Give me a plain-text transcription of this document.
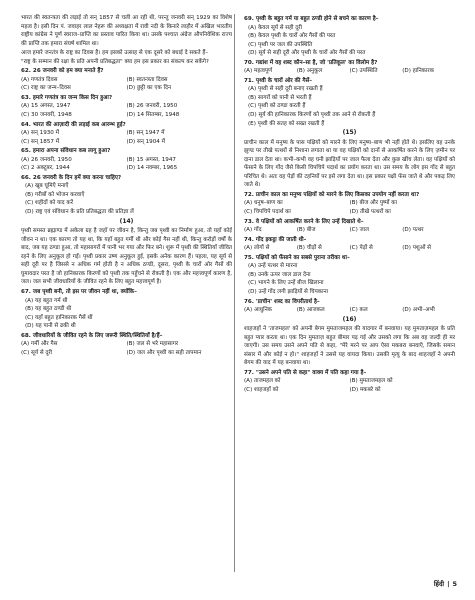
भारत की स्वतन्त्रता की लड़ाई तो सन् 1857 से चली आ रही थी, परन्तु जनवरी सन् 1929 का विशेष महत्व है। इसी दिन पं. जवाहर लाल नेहरू की अध्यक्षता में रावी नदी के किनारे लाहौर में अखिल भारतीय राष्ट्रीय कांग्रेस ने पूर्ण स्वराज–प्राप्ति का प्रस्ताव पारित किया था। उसके पश्चात अंग्रेज औपनिवेशिक राज्य की प्राप्ति तक हमारा संघर्ष शामिल था।
आज हमारे जनतंत्र के राष्ट्र का दिवस है। हम इसको उत्साह से एक दूसरे को बधाई दे सकते हैं–
"राष्ट्र के सम्मान की रक्षा के प्रति अपनी प्रतिबद्धता" क्या हम इस प्रकार का संकल्प कर सकेंगे?
62. 26 जनवरी को हम क्या मनाते हैं?
(A) गणतंत्र दिवस	(B) स्वतन्त्रता दिवस
(C) राष्ट्र का जन्म–दिवस	(D) छुट्टी का एक दिन
63. हमारे गणतंत्र का जन्म किस दिन हुआ?
(A) 15 अगस्त, 1947	(B) 26 जनवरी, 1950
(C) 30 जनवरी, 1948	(D) 14 सितम्बर, 1948
64. भारत की आज़ादी की लड़ाई कब आरम्भ हुई?
(A) सन् 1930 में	(B) सन् 1947 में
(C) सन् 1857 में	(D) सन् 1904 में
65. हमारा अपना संविधान कब लागू हुआ?
(A) 26 जनवरी, 1950	(B) 15 अगस्त, 1947
(C) 2 अक्टूबर, 1944	(D) 14 नवम्बर, 1965
66. 26 जनवरी के दिन हमें क्या करना चाहिए?
(A) खूब घूमिएँ मनाएँ
(B) गरीबों को भोजन करवाएँ
(C) शहीदों को याद करें
(D) राष्ट्र एवं संविधान के प्रति प्रतिबद्धता की प्रतिज्ञा लें
(14)
पृथ्वी समस्त ब्रह्माण्ड में अकेला ग्रह है जहाँ पर जीवन है, किन्तु जब पृथ्वी का निर्माण हुआ, तो यहाँ कोई जीवन न था। एक कारण तो यह था, कि यहाँ बहुत गर्मी थी और कोई गैस नहीं थी, किन्तु करोड़ों वर्षों के बाद, जब यह ठण्डा हुआ, तो महासागरों में पानी भर गया और फिर बने। शुरू में पृथ्वी की स्थितियाँ जीवित रहने के लिए अनुकूल हो गईं। पृथ्वी प्रकार उष्ण अनुकूल हुई, इसके अनेक कारण हैं। पहला, यह सूर्य से सही दूरी पर है जिससे न अधिक गर्म होती है न अधिक ठण्डी, दूसरा, पृथ्वी के चारों ओर गैसों की घुमावदार परत है जो हानिकारक किरणों को पृथ्वी तक पहुँचने से रोकती है। एक और महत्त्वपूर्ण कारण है, जल। जल सभी जीवधारियों के जीवित रहने के लिए बहुत महत्त्वपूर्ण है।
67. जब पृथ्वी बनी, तो इस पर जीवन नहीं था, क्योंकि–
(A) यह बहुत गर्म थी
(B) यह बहुत ठण्डी थी
(C) यहाँ बहुत हानिकारक गैसें थीं
(D) यह पानी से ढकी थी
68. जीवधारियों के जीवित रहने के लिए जरूरी स्थिति/स्थितियाँ है/हैं–
(A) गर्मी और गैस	(B) जल से भरे महासागर
(C) सूर्य से दूरी	(D) जल और पृथ्वी का सही तापमान
69. पृथ्वी के बहुत गर्म या बहुत ठण्डी होने से बचने का कारण है–
(A) केवल सूर्य से सही दूरी
(B) केवल पृथ्वी के चारों ओर गैसों की परत
(C) पृथ्वी पर जल की उपस्थिति
(D) सूर्य से सही दूरी और पृथ्वी के चारों ओर गैसों की परत
70. गद्यांश में वह शब्द कौन–सा है, जो 'प्रतिकूल' का विलोम है?
(A) महत्वपूर्ण	(B) अनुकूल	(C) उपस्थिति	(D) हानिकारक
71. पृथ्वी के चारों ओर की गैसें–
(A) पृथ्वी से सही दूरी बनाए रखती हैं
(B) सागरों को पानी से भरती हैं
(C) पृथ्वी को ठण्डा करती हैं
(D) सूर्य की हानिकारक किरणों को पृथ्वी तक आने से रोकती हैं
(E) पृथ्वी की सतह को सख्त रखती हैं
(15)
प्राचीन काल में मनुष्य के पास पक्षियों को मारने के लिए मनुष्य–बाण भी नहीं होते थे। इसलिए वह उनके झुण्ड पर तीखे पत्थरों से निशाना लगाता था या वह पक्षियों को दानों से आकर्षित करने के लिए ज़मीन पर दाना डाल देता था। कभी–कभी वह घनी झाड़ियों पर जाल फैला देता और कुछ खींच लेता। वह पक्षियों को फँसाने के लिए गोंद जैसे किसी चिपचिपे पदार्थ का प्रयोग करता था। उस समय के लोग इस गोंद से बहुत परिचित थे। अतः वह पेड़ों की टहनियों पर इसे लगा देता था। इस प्रकार पक्षी फँस जाते थे और पकड़ लिए जाते थे।
72. प्राचीन काल का मनुष्य पक्षियों को मारने के लिए किसका उपयोग नहीं करता था?
(A) धनुष–बाण का	(B) बीज और पुष्पों का
(C) चिपचिपे पदार्थ का	(D) तीखे पत्थरों का
73. वे पक्षियों को आकर्षित करने के लिए उन्हें दिखाते थे–
(A) गोंद	(B) बीज	(C) जाल	(D) पत्थर
74. गोंद इकट्ठा की जाती थी–
(A) लोगों से	(B) चीड़ों से	(C) पेड़ों से	(D) पशुओं से
75. पक्षियों को फँसाने का सबसे पुराना तरीका था–
(A) उन्हें पत्थर से मारना
(B) उनके ऊपर जाल डाल देना
(C) भागने के लिए उन्हें बीज खिलाना
(D) उन्हें गोंद लगी झाड़ियों से चिपकाना
76. 'प्राचीन' शब्द का विपरीतार्थ है–
(A) आधुनिक	(B) आजकल	(C) कल	(D) अभी–अभी
(16)
शाहजहाँ ने 'ताजमहल' को अपनी बेगम मुमताजमहल की यादगार में बनवाया। यह मुमताज़महल के प्रति बहुत प्यार करता था। एक दिन मुमताज़ बहुत बीमार पड़ गई और उसको लगा कि अब वह जल्दी ही मर जाएगी। उस समय उसने अपने पति से कहा, "मेरे मरने पर आप ऐसा मकबरा बनवाएँ, जिसके समान संसार में और कोई न हो।" शाहजहाँ ने उससे यह वायदा किया। उसकी मृत्यु के बाद शाहजहाँ ने अपनी बेगम की याद में यह बनवाया था।
77. "उसने अपने पति से कहा" वाक्य में पति कहा गया है–
(A) ताजमहल को	(B) मुमताजमहल को
(C) शाहजहाँ को	(D) मकबरे को
हिंदी | 5
